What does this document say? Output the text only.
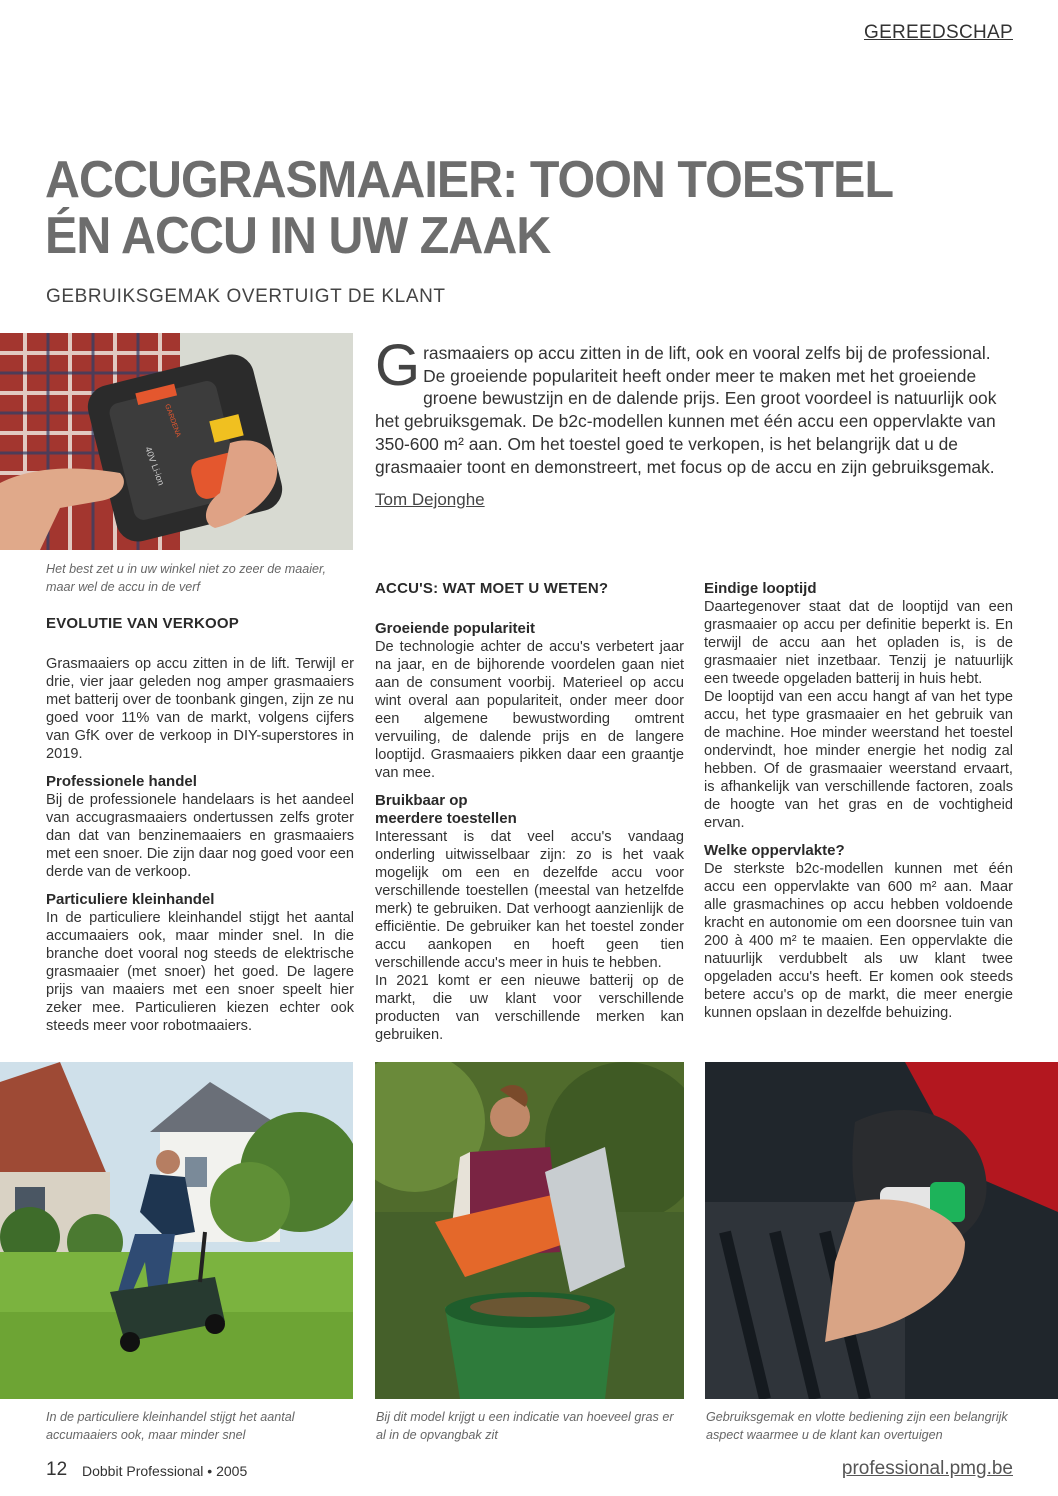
GEREEDSCHAP
ACCUGRASMAAIER: TOON TOESTEL
ÉN ACCU IN UW ZAAK
GEBRUIKSGEMAK OVERTUIGT DE KLANT
40V Li-ion
GARDENA

Grasmaaiers op accu zitten in de lift, ook en vooral zelfs bij de professional. De groeiende populariteit heeft onder meer te maken met het groeiende groene bewustzijn en de dalende prijs. Een groot voordeel is natuurlijk ook het gebruiksgemak. De b2c-modellen kunnen met één accu een oppervlakte van 350-600 m² aan. Om het toestel goed te verkopen, is het belangrijk dat u de grasmaaier toont en demonstreert, met focus op de accu en zijn gebruiksgemak.

Tom Dejonghe
Het best zet u in uw winkel niet zo zeer de maaier, maar wel de accu in de verf
EVOLUTIE VAN VERKOOP

Grasmaaiers op accu zitten in de lift. Terwijl er drie, vier jaar geleden nog amper grasmaaiers met batterij over de toonbank gingen, zijn ze nu goed voor 11% van de markt, volgens cijfers van GfK over de verkoop in DIY-superstores in 2019.

Professionele handel

Bij de professionele handelaars is het aandeel van accugrasmaaiers ondertussen zelfs groter dan dat van benzinemaaiers en grasmaaiers met een snoer. Die zijn daar nog goed voor een derde van de verkoop.

Particuliere kleinhandel

In de particuliere kleinhandel stijgt het aantal accumaaiers ook, maar minder snel. In die branche doet vooral nog steeds de elektrische grasmaaier (met snoer) het goed. De lagere prijs van maaiers met een snoer speelt hier zeker mee. Particulieren kiezen echter ook steeds meer voor robotmaaiers.

ACCU'S: WAT MOET U WETEN?
Groeiende populariteit

De technologie achter de accu's verbetert jaar na jaar, en de bijhorende voordelen gaan niet aan de consument voorbij. Materieel op accu wint overal aan populariteit, onder meer door een algemene bewustwording omtrent vervuiling, de dalende prijs en de langere looptijd. Grasmaaiers pikken daar een graantje van mee.

Bruikbaar op
meerdere toestellen

Interessant is dat veel accu's vandaag onderling uitwisselbaar zijn: zo is het vaak mogelijk om een en dezelfde accu voor verschillende toestellen (meestal van hetzelfde merk) te gebruiken. Dat verhoogt aanzienlijk de efficiëntie. De gebruiker kan het toestel zonder accu aankopen en hoeft geen tien verschillende accu's meer in huis te hebben.

In 2021 komt er een nieuwe batterij op de markt, die uw klant voor verschillende producten van verschillende merken kan gebruiken.

Eindige looptijd

Daartegenover staat dat de looptijd van een grasmaaier op accu per definitie beperkt is. En terwijl de accu aan het opladen is, is de grasmaaier niet inzetbaar. Tenzij je natuurlijk een tweede opgeladen batterij in huis hebt.

De looptijd van een accu hangt af van het type accu, het type grasmaaier en het gebruik van de machine. Hoe minder weerstand het toestel ondervindt, hoe minder energie het nodig zal hebben. Of de grasmaaier weerstand ervaart, is afhankelijk van verschillende factoren, zoals de hoogte van het gras en de vochtigheid ervan.

Welke oppervlakte?

De sterkste b2c-modellen kunnen met één accu een oppervlakte van 600 m² aan. Maar alle grasmachines op accu hebben voldoende kracht en autonomie om een doorsnee tuin van 200 à 400 m² te maaien. Een oppervlakte die natuurlijk verdubbelt als uw klant twee opgeladen accu's heeft. Er komen ook steeds betere accu's op de markt, die meer energie kunnen opslaan in dezelfde behuizing.

In de particuliere kleinhandel stijgt het aantal accumaaiers ook, maar minder snel
Bij dit model krijgt u een indicatie van hoeveel gras er al in de opvangbak zit
Gebruiksgemak en vlotte bediening zijn een belangrijk aspect waarmee u de klant kan overtuigen
12 Dobbit Professional • 2005	professional.pmg.be
